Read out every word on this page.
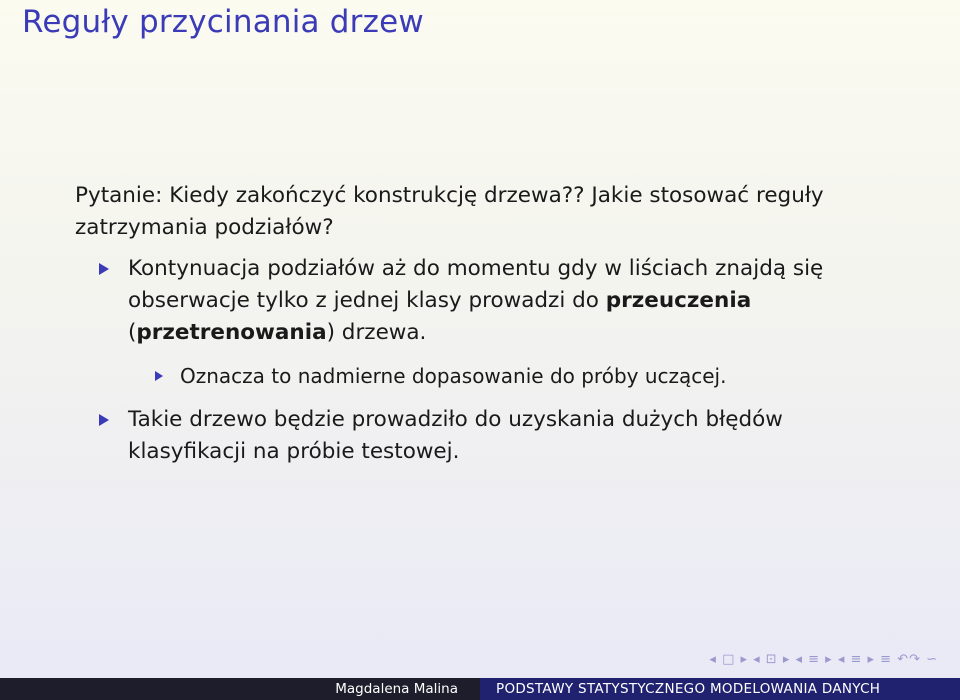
Reguły przycinania drzew
Pytanie: Kiedy zakończyć konstrukcję drzewa?? Jakie stosować reguły zatrzymania podziałów?
Kontynuacja podziałów aż do momentu gdy w liściach znajdą się obserwacje tylko z jednej klasy prowadzi do przeuczenia (przetrenowania) drzewa.
Oznacza to nadmierne dopasowanie do próby uczącej.
Takie drzewo będzie prowadziło do uzyskania dużych błędów klasyfikacji na próbie testowej.
◂ □ ▸ ◂ ⊡ ▸ ◂ ≡ ▸ ◂ ≡ ▸ ≡ ↶↷ ∽
Magdalena Malina	PODSTAWY STATYSTYCZNEGO MODELOWANIA DANYCH
